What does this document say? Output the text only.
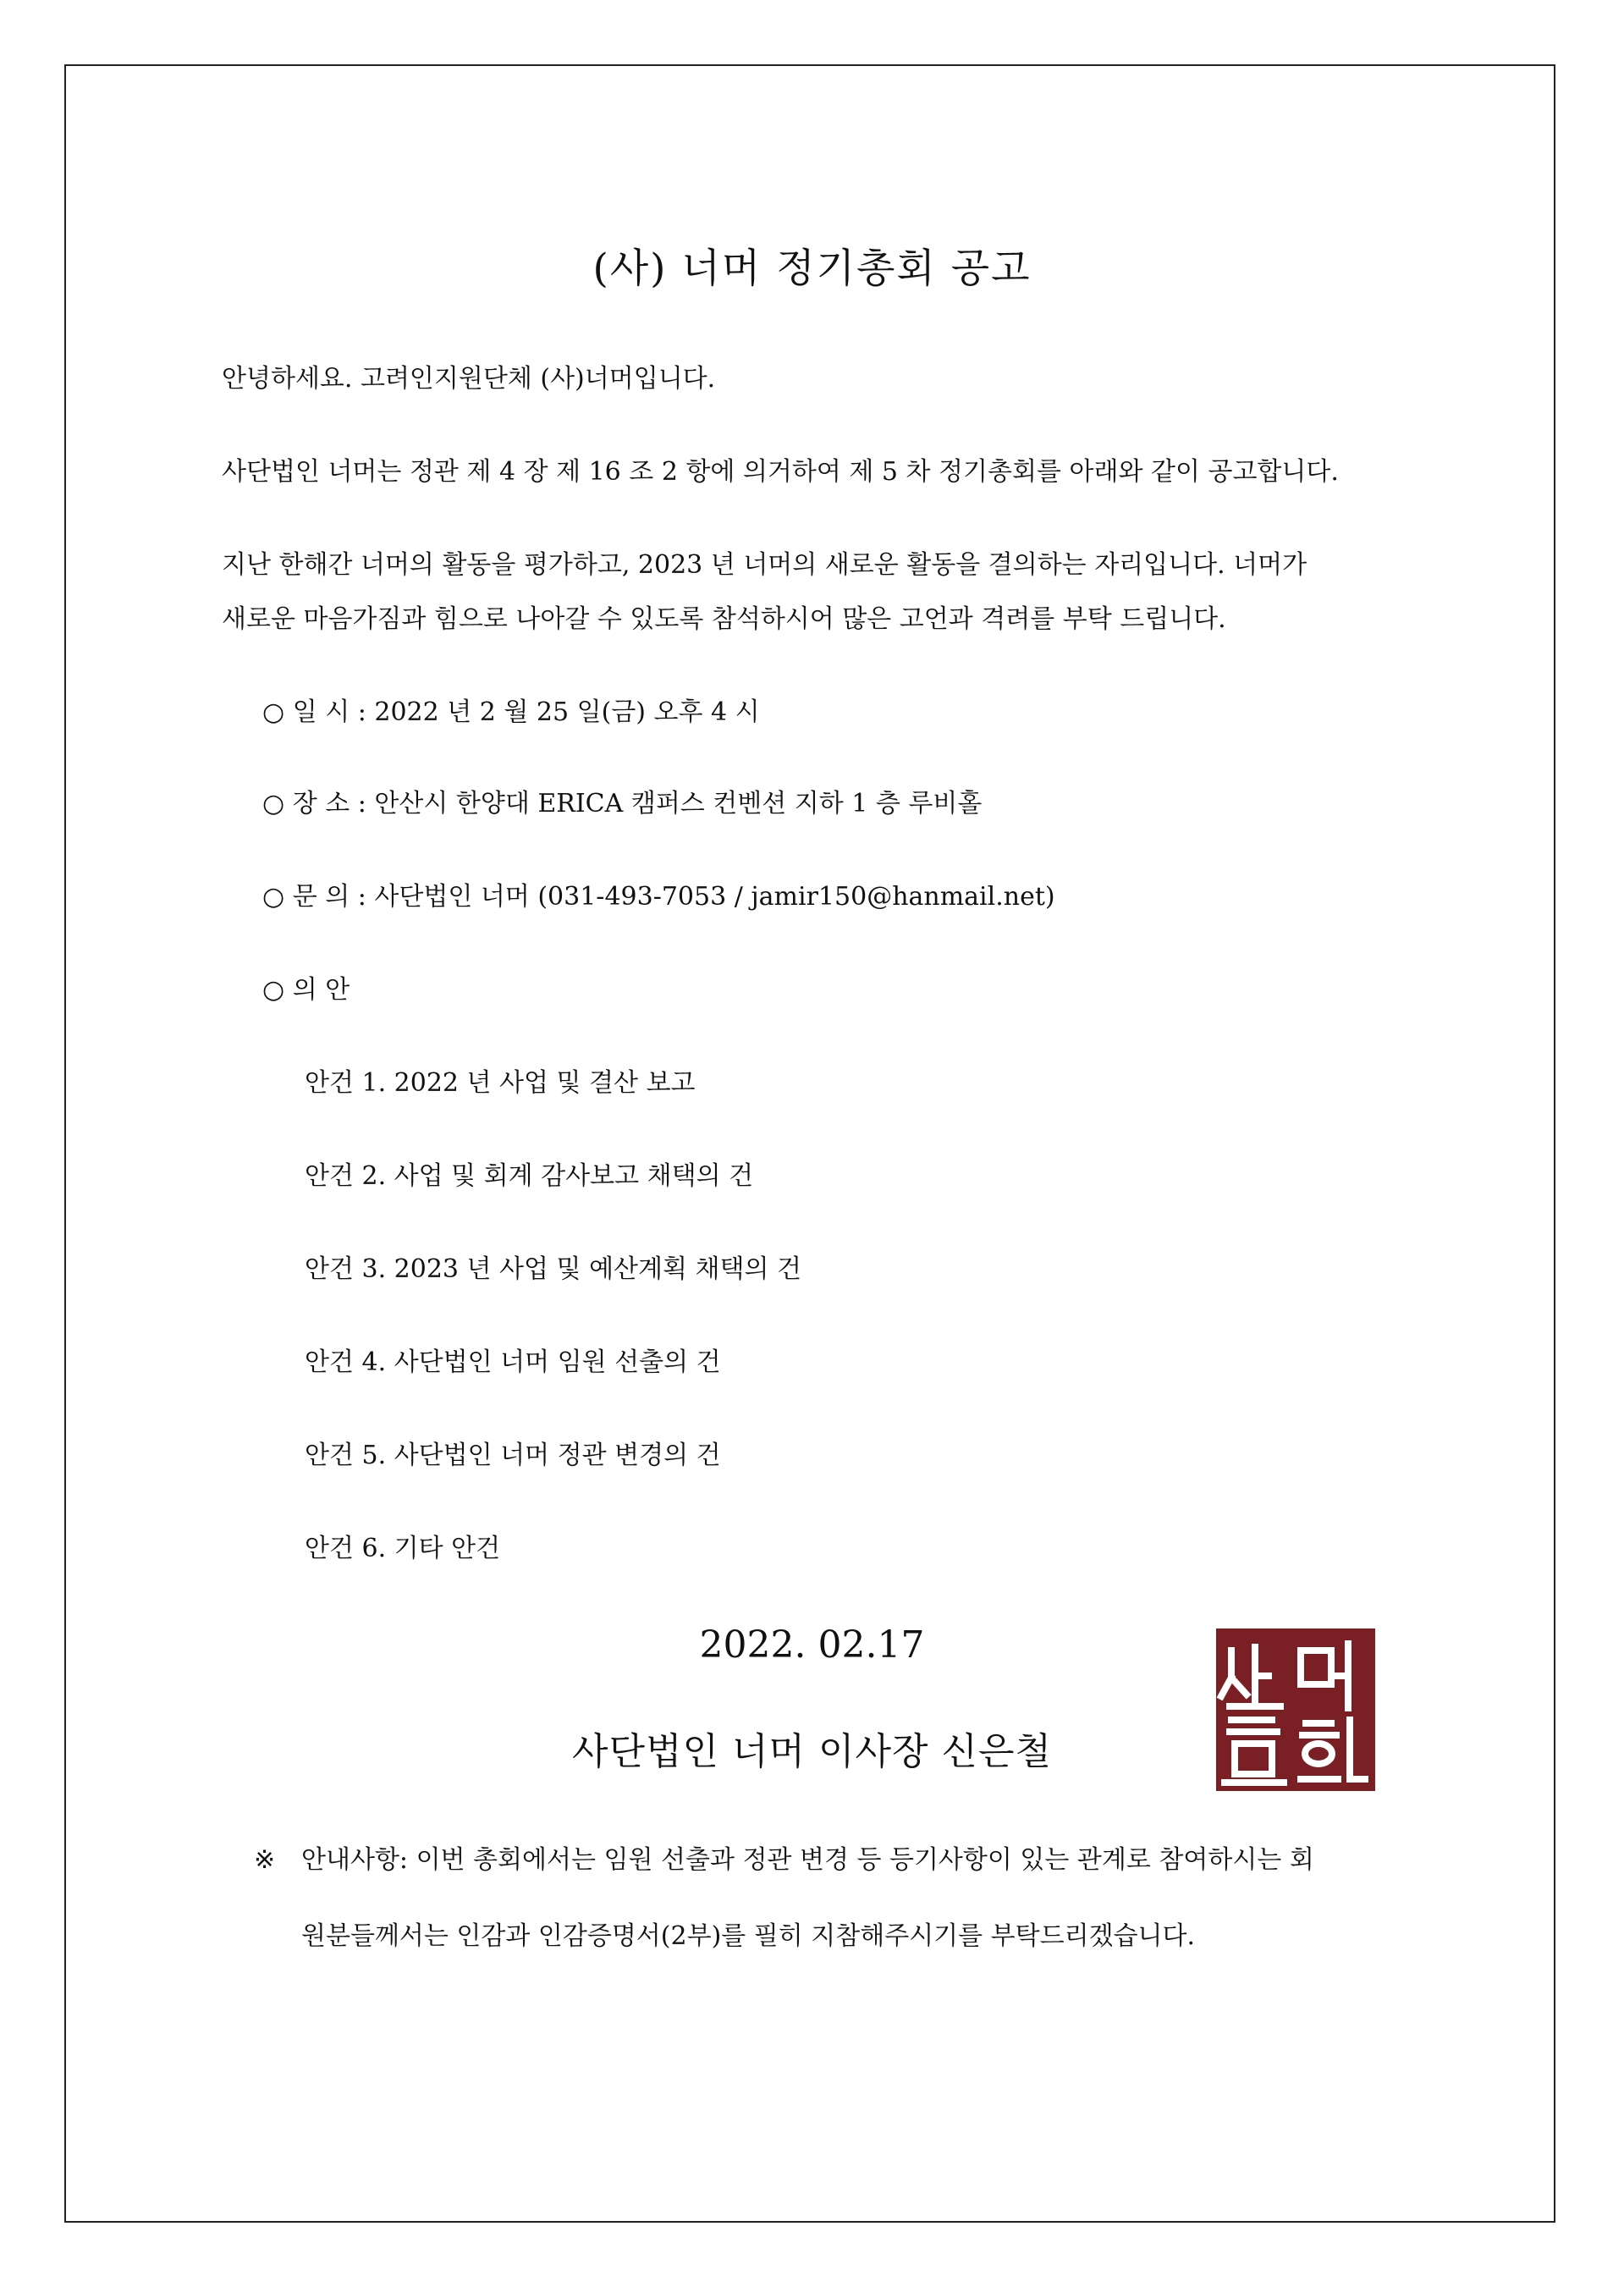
(사) 너머 정기총회 공고
안녕하세요. 고려인지원단체 (사)너머입니다.
사단법인 너머는 정관 제 4 장 제 16 조 2 항에 의거하여 제 5 차 정기총회를 아래와 같이 공고합니다.
지난 한해간 너머의 활동을 평가하고, 2023 년 너머의 새로운 활동을 결의하는 자리입니다. 너머가
새로운 마음가짐과 힘으로 나아갈 수 있도록 참석하시어 많은 고언과 격려를 부탁 드립니다.
○ 일 시 : 2022 년 2 월 25 일(금) 오후 4 시
○ 장 소 : 안산시 한양대 ERICA 캠퍼스 컨벤션 지하 1 층 루비홀
○ 문 의 : 사단법인 너머 (031-493-7053 / jamir150@hanmail.net)
○ 의 안
안건 1. 2022 년 사업 및 결산 보고
안건 2. 사업 및 회계 감사보고 채택의 건
안건 3. 2023 년 사업 및 예산계획 채택의 건
안건 4. 사단법인 너머 임원 선출의 건
안건 5. 사단법인 너머 정관 변경의 건
안건 6. 기타 안건
2022. 02.17
사단법인 너머 이사장 신은철
※ 안내사항: 이번 총회에서는 임원 선출과 정관 변경 등 등기사항이 있는 관계로 참여하시는 회
원분들께서는 인감과 인감증명서(2부)를 필히 지참해주시기를 부탁드리겠습니다.
